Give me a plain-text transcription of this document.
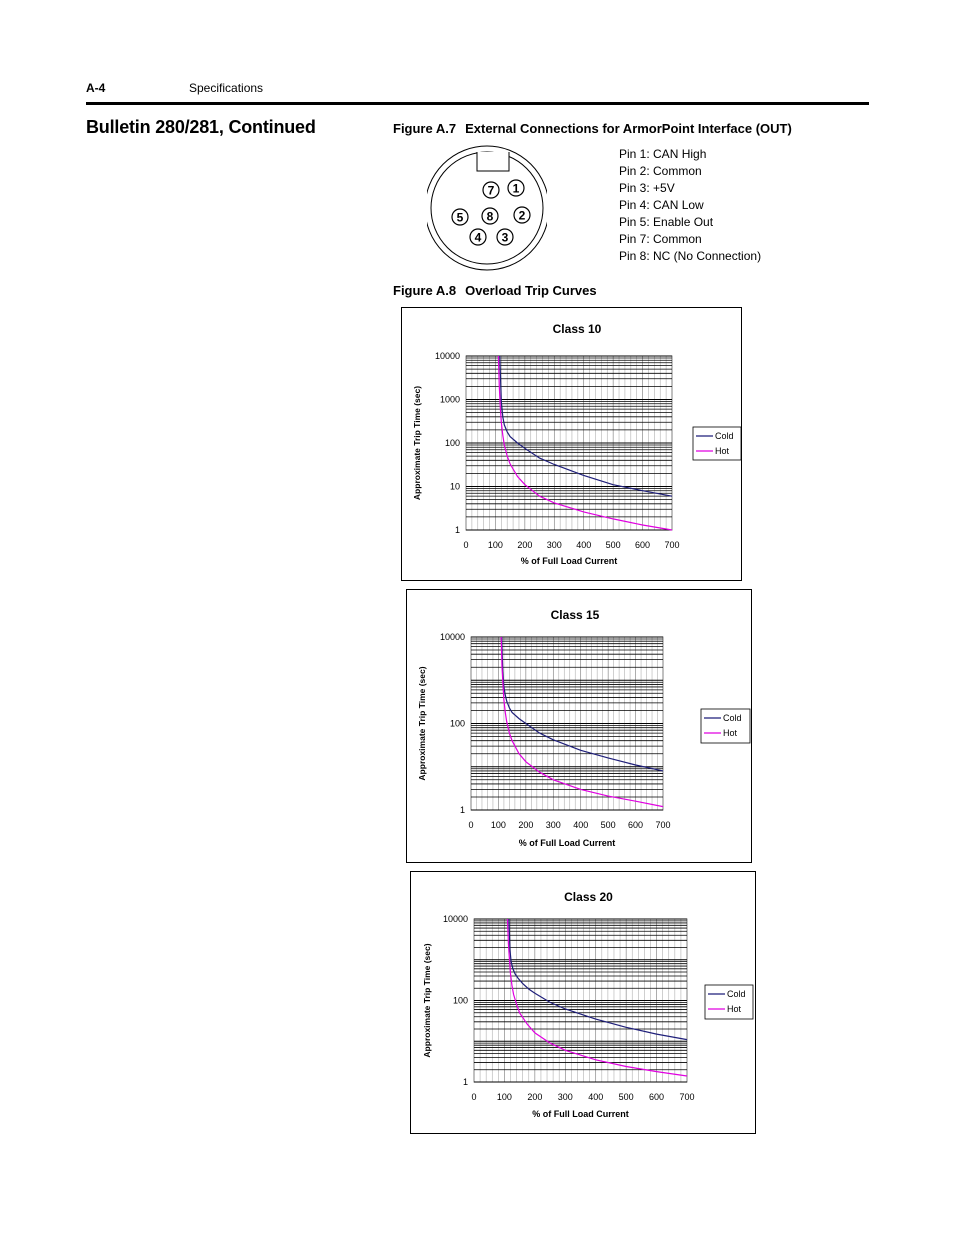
A-4	Specifications
Bulletin 280/281, Continued	Figure A.7 External Connections for ArmorPoint Interface (OUT)
1
2
3
4
5
7
8
Pin 1: CAN High
Pin 2: Common
Pin 3: +5V
Pin 4: CAN Low
Pin 5: Enable Out
Pin 7: Common
Pin 8: NC (No Connection)
Figure A.8 Overload Trip Curves
Class 10
0 100 200 300 400 500 600 700
1
10
100
1000
10000
% of Full Load Current
Approximate Trip Time (sec)	Cold
Hot
Class 15
0 100 200 300 400 500 600 700
1
100
10000
% of Full Load Current
Approximate Trip Time (sec)	Cold
Hot
Class 20
0 100 200 300 400 500 600 700
1
100
10000
% of Full Load Current
Approximate Trip Time (sec)	Cold
Hot
